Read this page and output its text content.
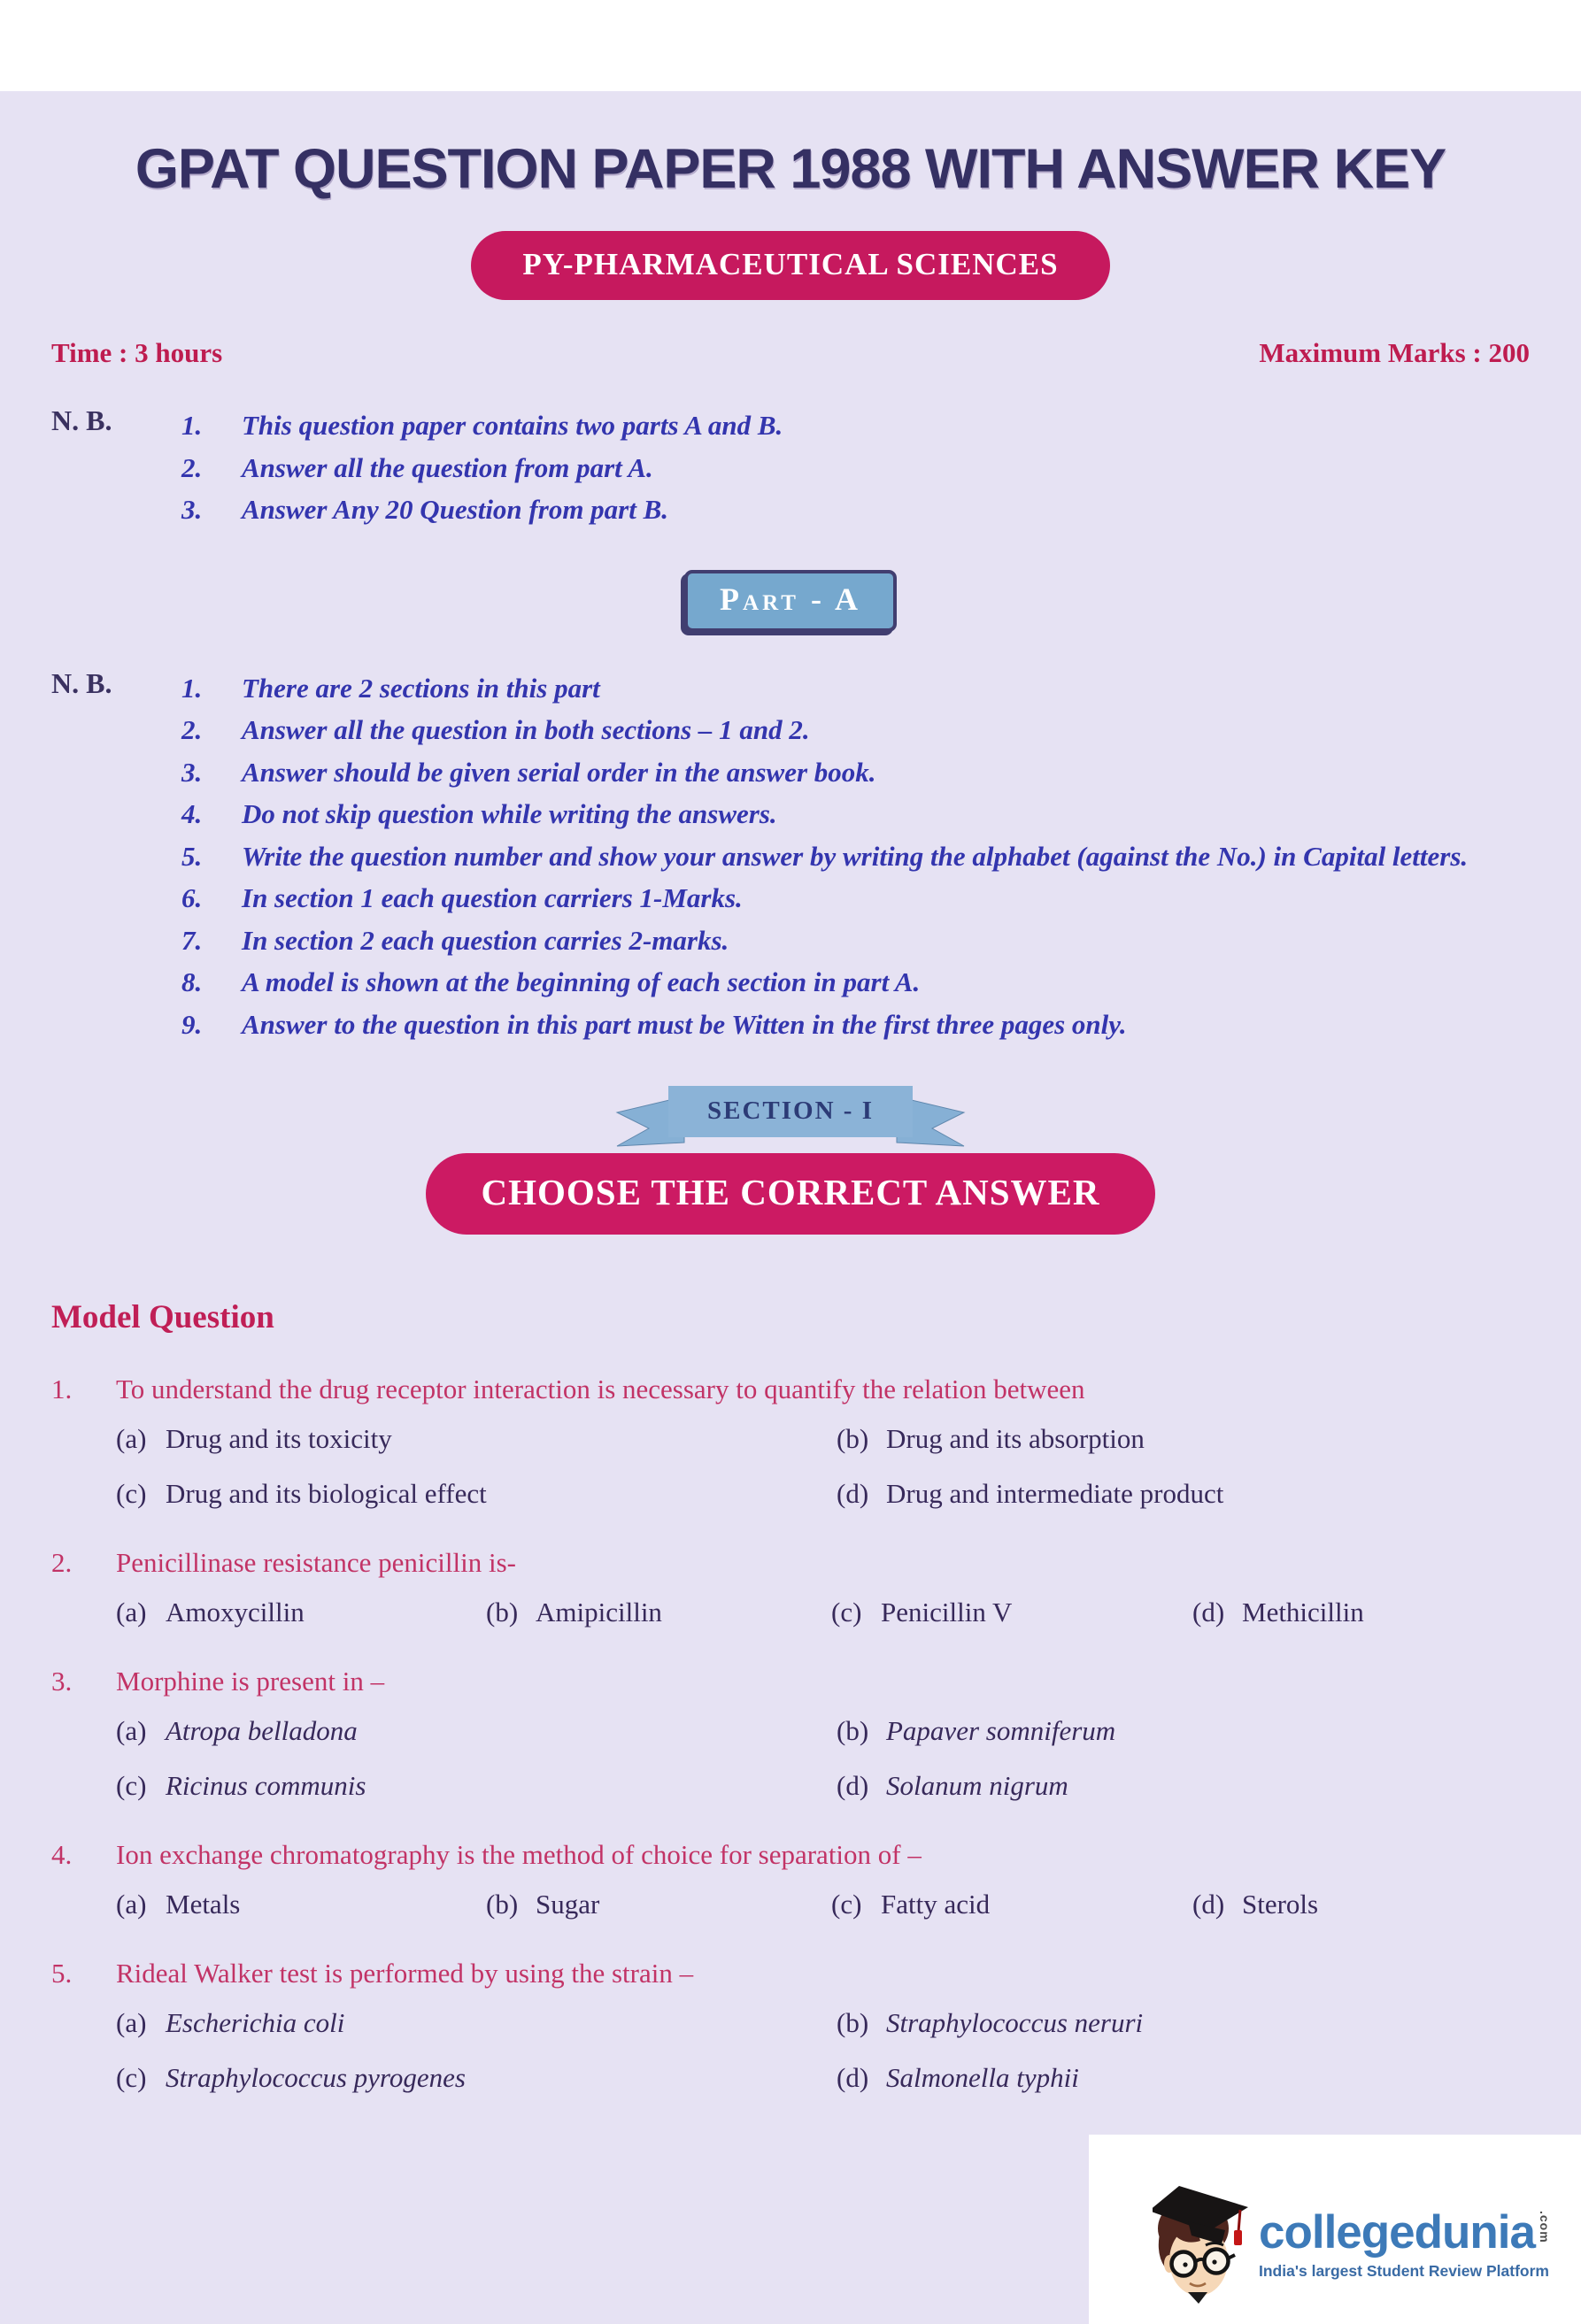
GPAT QUESTION PAPER 1988 WITH ANSWER KEY
PY-PHARMACEUTICAL SCIENCES
Time : 3 hours	Maximum Marks : 200
N. B.	1.	This question paper contains two parts A and B.
2.	Answer all the question from part A.
3.	Answer Any 20 Question from part B.
Part - A
N. B.	1.	There are 2 sections in this part
2.	Answer all the question in both sections – 1 and 2.
3.	Answer should be given serial order in the answer book.
4.	Do not skip question while writing the answers.
5.	Write the question number and show your answer by writing the alphabet (against the No.) in Capital letters.
6.	In section 1 each question carriers 1-Marks.
7.	In section 2 each question carries 2-marks.
8.	A model is shown at the beginning of each section in part A.
9.	Answer to the question in this part must be Witten in the first three pages only.
SECTION - I
CHOOSE THE CORRECT ANSWER
Model Question
1.	To understand the drug receptor interaction is necessary to quantify the relation between
(a) Drug and its toxicity	(b) Drug and its absorption
(c) Drug and its biological effect	(d) Drug and intermediate product
2.	Penicillinase resistance penicillin is-
(a) Amoxycillin	(b) Amipicillin	(c) Penicillin V	(d) Methicillin
3.	Morphine is present in –
(a) Atropa belladona	(b) Papaver somniferum
(c) Ricinus communis	(d) Solanum nigrum
4.	Ion exchange chromatography is the method of choice for separation of –
(a) Metals	(b) Sugar	(c) Fatty acid	(d) Sterols
5.	Rideal Walker test is performed by using the strain –
(a) Escherichia coli	(b) Straphylococcus neruri
(c) Straphylococcus pyrogenes	(d) Salmonella typhii
collegedunia .com
India's largest Student Review Platform
